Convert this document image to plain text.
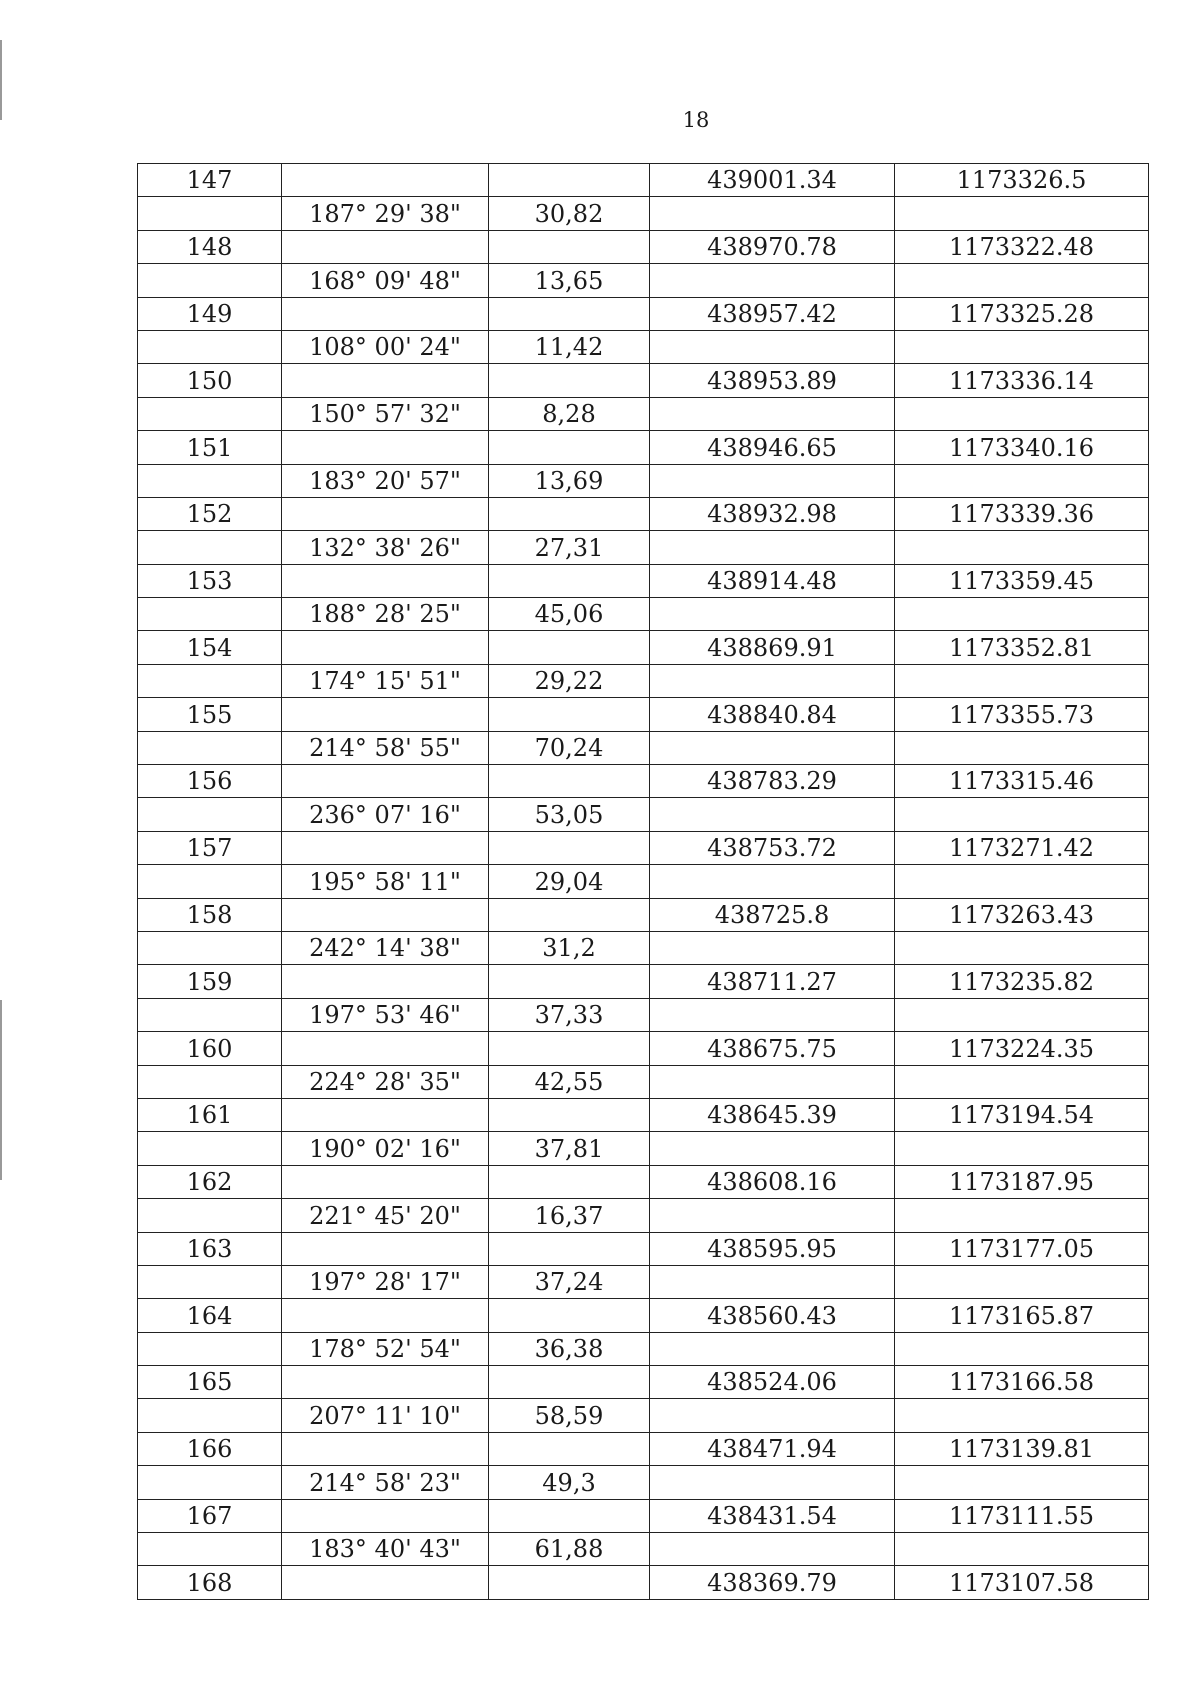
18
147			439001.34	1173326.5
	187° 29' 38"	30,82		
148			438970.78	1173322.48
	168° 09' 48"	13,65		
149			438957.42	1173325.28
	108° 00' 24"	11,42		
150			438953.89	1173336.14
	150° 57' 32"	8,28		
151			438946.65	1173340.16
	183° 20' 57"	13,69		
152			438932.98	1173339.36
	132° 38' 26"	27,31		
153			438914.48	1173359.45
	188° 28' 25"	45,06		
154			438869.91	1173352.81
	174° 15' 51"	29,22		
155			438840.84	1173355.73
	214° 58' 55"	70,24		
156			438783.29	1173315.46
	236° 07' 16"	53,05		
157			438753.72	1173271.42
	195° 58' 11"	29,04		
158			438725.8	1173263.43
	242° 14' 38"	31,2		
159			438711.27	1173235.82
	197° 53' 46"	37,33		
160			438675.75	1173224.35
	224° 28' 35"	42,55		
161			438645.39	1173194.54
	190° 02' 16"	37,81		
162			438608.16	1173187.95
	221° 45' 20"	16,37		
163			438595.95	1173177.05
	197° 28' 17"	37,24		
164			438560.43	1173165.87
	178° 52' 54"	36,38		
165			438524.06	1173166.58
	207° 11' 10"	58,59		
166			438471.94	1173139.81
	214° 58' 23"	49,3		
167			438431.54	1173111.55
	183° 40' 43"	61,88		
168			438369.79	1173107.58
